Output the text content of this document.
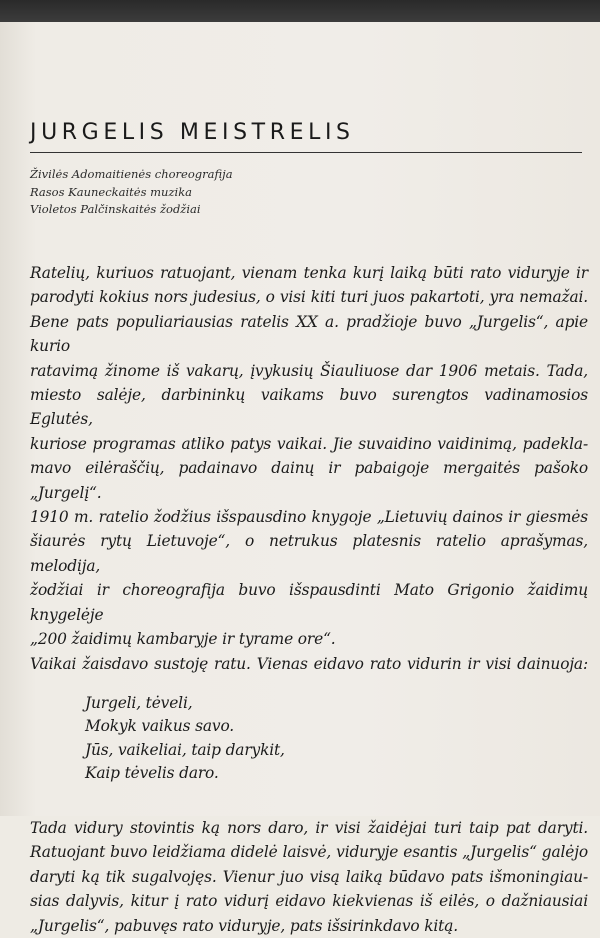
JURGELIS MEISTRELIS
Živilės Adomaitienės choreografija
Rasos Kauneckaitės muzika
Violetos Palčinskaitės žodžiai
Ratelių, kuriuos ratuojant, vienam tenka kurį laiką būti rato viduryje ir
parodyti kokius nors judesius, o visi kiti turi juos pakartoti, yra nemažai.
Bene pats populiariausias ratelis XX a. pradžioje buvo „Jurgelis“, apie kurio
ratavimą žinome iš vakarų, įvykusių Šiauliuose dar 1906 metais. Tada,
miesto salėje, darbininkų vaikams buvo surengtos vadinamosios Eglutės,
kuriose programas atliko patys vaikai. Jie suvaidino vaidinimą, padekla-
mavo eilėraščių, padainavo dainų ir pabaigoje mergaitės pašoko „Jurgelį“.
1910 m. ratelio žodžius išspausdino knygoje „Lietuvių dainos ir giesmės
šiaurės rytų Lietuvoje“, o netrukus platesnis ratelio aprašymas, melodija,
žodžiai ir choreografija buvo išspausdinti Mato Grigonio žaidimų knygelėje
„200 žaidimų kambaryje ir tyrame ore“.
Vaikai žaisdavo sustoję ratu. Vienas eidavo rato vidurin ir visi dainuoja:
Jurgeli, tėveli,
Mokyk vaikus savo.
Jūs, vaikeliai, taip darykit,
Kaip tėvelis daro.
Tada vidury stovintis ką nors daro, ir visi žaidėjai turi taip pat daryti.
Ratuojant buvo leidžiama didelė laisvė, viduryje esantis „Jurgelis“ galėjo
daryti ką tik sugalvojęs. Vienur juo visą laiką būdavo pats išmoningiau-
sias dalyvis, kitur į rato vidurį eidavo kiekvienas iš eilės, o dažniausiai
„Jurgelis“, pabuvęs rato viduryje, pats išsirinkdavo kitą.
